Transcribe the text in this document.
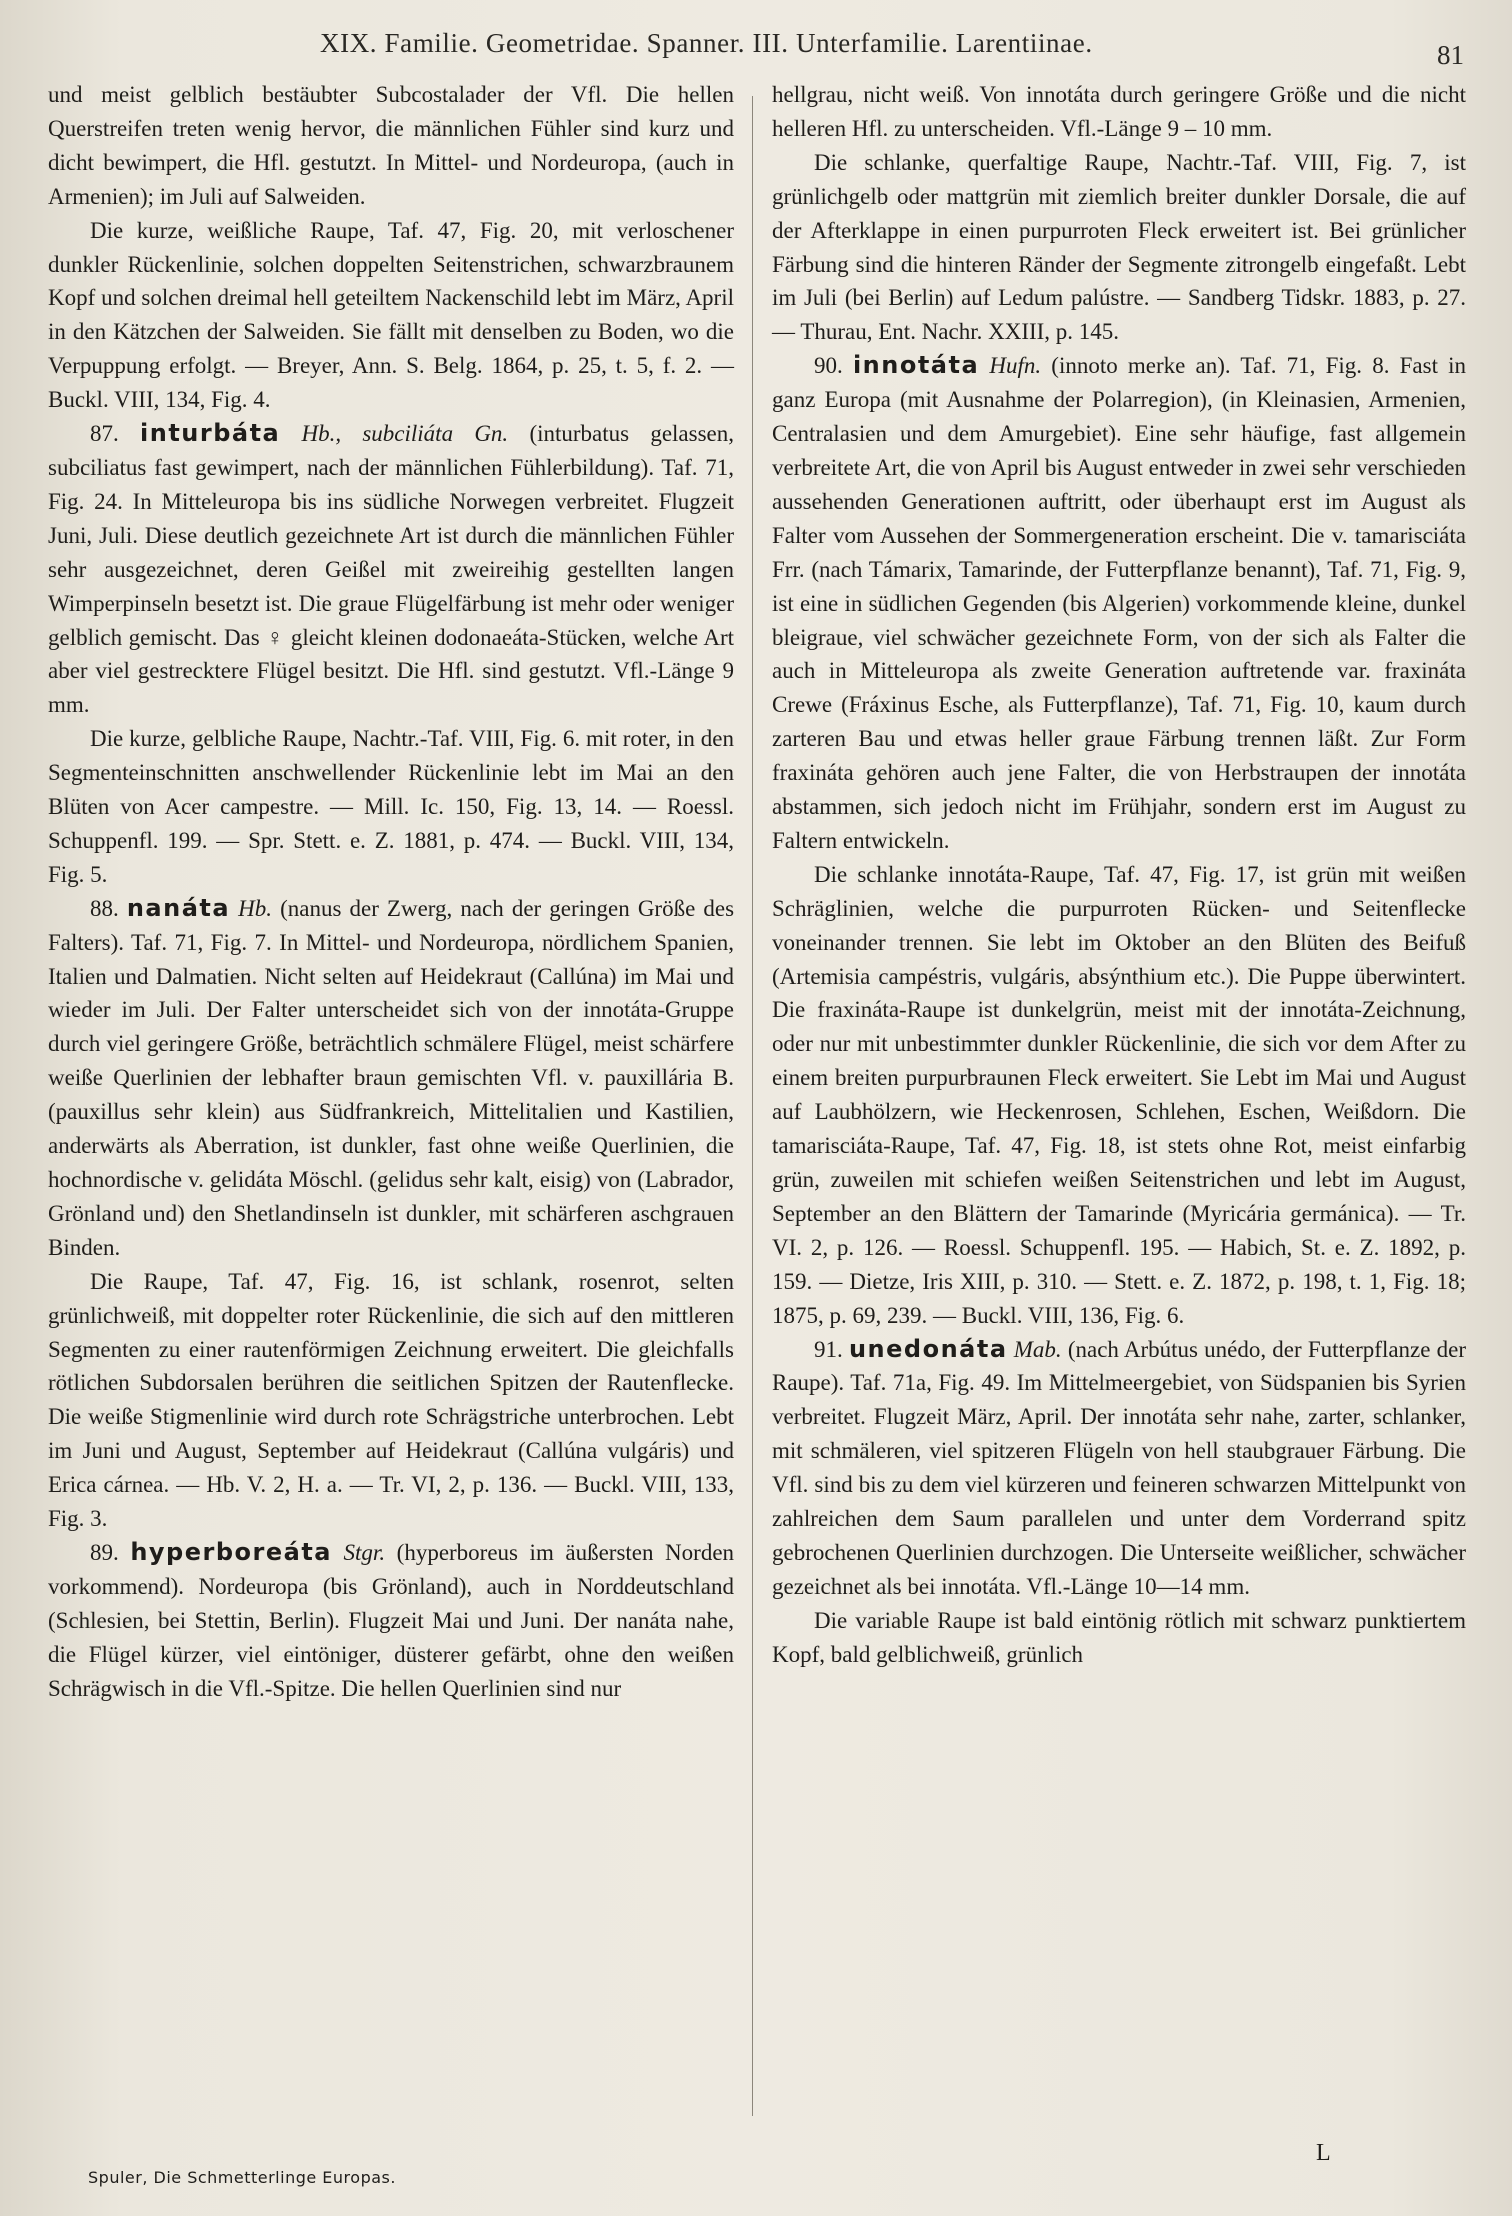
XIX. Familie. Geometridae. Spanner. III. Unterfamilie. Larentiinae.	81

und meist gelblich bestäubter Subcostalader der Vfl. Die hellen Querstreifen treten wenig hervor, die männlichen Fühler sind kurz und dicht bewimpert, die Hfl. gestutzt. In Mittel- und Nordeuropa, (auch in Armenien); im Juli auf Salweiden.

Die kurze, weißliche Raupe, Taf. 47, Fig. 20, mit verloschener dunkler Rückenlinie, solchen doppelten Seitenstrichen, schwarzbraunem Kopf und solchen dreimal hell geteiltem Nackenschild lebt im März, April in den Kätzchen der Salweiden. Sie fällt mit denselben zu Boden, wo die Verpuppung erfolgt. — Breyer, Ann. S. Belg. 1864, p. 25, t. 5, f. 2. — Buckl. VIII, 134, Fig. 4.

87. inturbáta Hb., subciliáta Gn. (inturbatus gelassen, subciliatus fast gewimpert, nach der männlichen Fühlerbildung). Taf. 71, Fig. 24. In Mitteleuropa bis ins südliche Norwegen verbreitet. Flugzeit Juni, Juli. Diese deutlich gezeichnete Art ist durch die männlichen Fühler sehr ausgezeichnet, deren Geißel mit zweireihig gestellten langen Wimperpinseln besetzt ist. Die graue Flügelfärbung ist mehr oder weniger gelblich gemischt. Das ♀ gleicht kleinen dodonaeáta-Stücken, welche Art aber viel gestrecktere Flügel besitzt. Die Hfl. sind gestutzt. Vfl.-Länge 9 mm.

Die kurze, gelbliche Raupe, Nachtr.-Taf. VIII, Fig. 6. mit roter, in den Segmenteinschnitten anschwellender Rückenlinie lebt im Mai an den Blüten von Acer campestre. — Mill. Ic. 150, Fig. 13, 14. — Roessl. Schuppenfl. 199. — Spr. Stett. e. Z. 1881, p. 474. — Buckl. VIII, 134, Fig. 5.

88. nanáta Hb. (nanus der Zwerg, nach der geringen Größe des Falters). Taf. 71, Fig. 7. In Mittel- und Nordeuropa, nördlichem Spanien, Italien und Dalmatien. Nicht selten auf Heidekraut (Callúna) im Mai und wieder im Juli. Der Falter unterscheidet sich von der innotáta-Gruppe durch viel geringere Größe, beträchtlich schmälere Flügel, meist schärfere weiße Querlinien der lebhafter braun gemischten Vfl. v. pauxillária B. (pauxillus sehr klein) aus Südfrankreich, Mittelitalien und Kastilien, anderwärts als Aberration, ist dunkler, fast ohne weiße Querlinien, die hochnordische v. gelidáta Möschl. (gelidus sehr kalt, eisig) von (Labrador, Grönland und) den Shetlandinseln ist dunkler, mit schärferen aschgrauen Binden.

Die Raupe, Taf. 47, Fig. 16, ist schlank, rosenrot, selten grünlichweiß, mit doppelter roter Rückenlinie, die sich auf den mittleren Segmenten zu einer rautenförmigen Zeichnung erweitert. Die gleichfalls rötlichen Subdorsalen berühren die seitlichen Spitzen der Rautenflecke. Die weiße Stigmenlinie wird durch rote Schrägstriche unterbrochen. Lebt im Juni und August, September auf Heidekraut (Callúna vulgáris) und Erica cárnea. — Hb. V. 2, H. a. — Tr. VI, 2, p. 136. — Buckl. VIII, 133, Fig. 3.

89. hyperboreáta Stgr. (hyperboreus im äußersten Norden vorkommend). Nordeuropa (bis Grönland), auch in Norddeutschland (Schlesien, bei Stettin, Berlin). Flugzeit Mai und Juni. Der nanáta nahe, die Flügel kürzer, viel eintöniger, düsterer gefärbt, ohne den weißen Schrägwisch in die Vfl.-Spitze. Die hellen Querlinien sind nur

hellgrau, nicht weiß. Von innotáta durch geringere Größe und die nicht helleren Hfl. zu unterscheiden. Vfl.-Länge 9 – 10 mm.

Die schlanke, querfaltige Raupe, Nachtr.-Taf. VIII, Fig. 7, ist grünlichgelb oder mattgrün mit ziemlich breiter dunkler Dorsale, die auf der Afterklappe in einen purpurroten Fleck erweitert ist. Bei grünlicher Färbung sind die hinteren Ränder der Segmente zitrongelb eingefaßt. Lebt im Juli (bei Berlin) auf Ledum palústre. — Sandberg Tidskr. 1883, p. 27. — Thurau, Ent. Nachr. XXIII, p. 145.

90. innotáta Hufn. (innoto merke an). Taf. 71, Fig. 8. Fast in ganz Europa (mit Ausnahme der Polarregion), (in Kleinasien, Armenien, Centralasien und dem Amurgebiet). Eine sehr häufige, fast allgemein verbreitete Art, die von April bis August entweder in zwei sehr verschieden aussehenden Generationen auftritt, oder überhaupt erst im August als Falter vom Aussehen der Sommergeneration erscheint. Die v. tamarisciáta Frr. (nach Támarix, Tamarinde, der Futterpflanze benannt), Taf. 71, Fig. 9, ist eine in südlichen Gegenden (bis Algerien) vorkommende kleine, dunkel bleigraue, viel schwächer gezeichnete Form, von der sich als Falter die auch in Mitteleuropa als zweite Generation auftretende var. fraxináta Crewe (Fráxinus Esche, als Futterpflanze), Taf. 71, Fig. 10, kaum durch zarteren Bau und etwas heller graue Färbung trennen läßt. Zur Form fraxináta gehören auch jene Falter, die von Herbstraupen der innotáta abstammen, sich jedoch nicht im Frühjahr, sondern erst im August zu Faltern entwickeln.

Die schlanke innotáta-Raupe, Taf. 47, Fig. 17, ist grün mit weißen Schräglinien, welche die purpurroten Rücken- und Seitenflecke voneinander trennen. Sie lebt im Oktober an den Blüten des Beifuß (Artemisia campéstris, vulgáris, absýnthium etc.). Die Puppe überwintert. Die fraxináta-Raupe ist dunkelgrün, meist mit der innotáta-Zeichnung, oder nur mit unbestimmter dunkler Rückenlinie, die sich vor dem After zu einem breiten purpurbraunen Fleck erweitert. Sie Lebt im Mai und August auf Laubhölzern, wie Heckenrosen, Schlehen, Eschen, Weißdorn. Die tamarisciáta-Raupe, Taf. 47, Fig. 18, ist stets ohne Rot, meist einfarbig grün, zuweilen mit schiefen weißen Seitenstrichen und lebt im August, September an den Blättern der Tamarinde (Myricária germánica). — Tr. VI. 2, p. 126. — Roessl. Schuppenfl. 195. — Habich, St. e. Z. 1892, p. 159. — Dietze, Iris XIII, p. 310. — Stett. e. Z. 1872, p. 198, t. 1, Fig. 18; 1875, p. 69, 239. — Buckl. VIII, 136, Fig. 6.

91. unedonáta Mab. (nach Arbútus unédo, der Futterpflanze der Raupe). Taf. 71a, Fig. 49. Im Mittelmeergebiet, von Südspanien bis Syrien verbreitet. Flugzeit März, April. Der innotáta sehr nahe, zarter, schlanker, mit schmäleren, viel spitzeren Flügeln von hell staubgrauer Färbung. Die Vfl. sind bis zu dem viel kürzeren und feineren schwarzen Mittelpunkt von zahlreichen dem Saum parallelen und unter dem Vorderrand spitz gebrochenen Querlinien durchzogen. Die Unterseite weißlicher, schwächer gezeichnet als bei innotáta. Vfl.-Länge 10—14 mm.

Die variable Raupe ist bald eintönig rötlich mit schwarz punktiertem Kopf, bald gelblichweiß, grünlich

Spuler, Die Schmetterlinge Europas.
L
